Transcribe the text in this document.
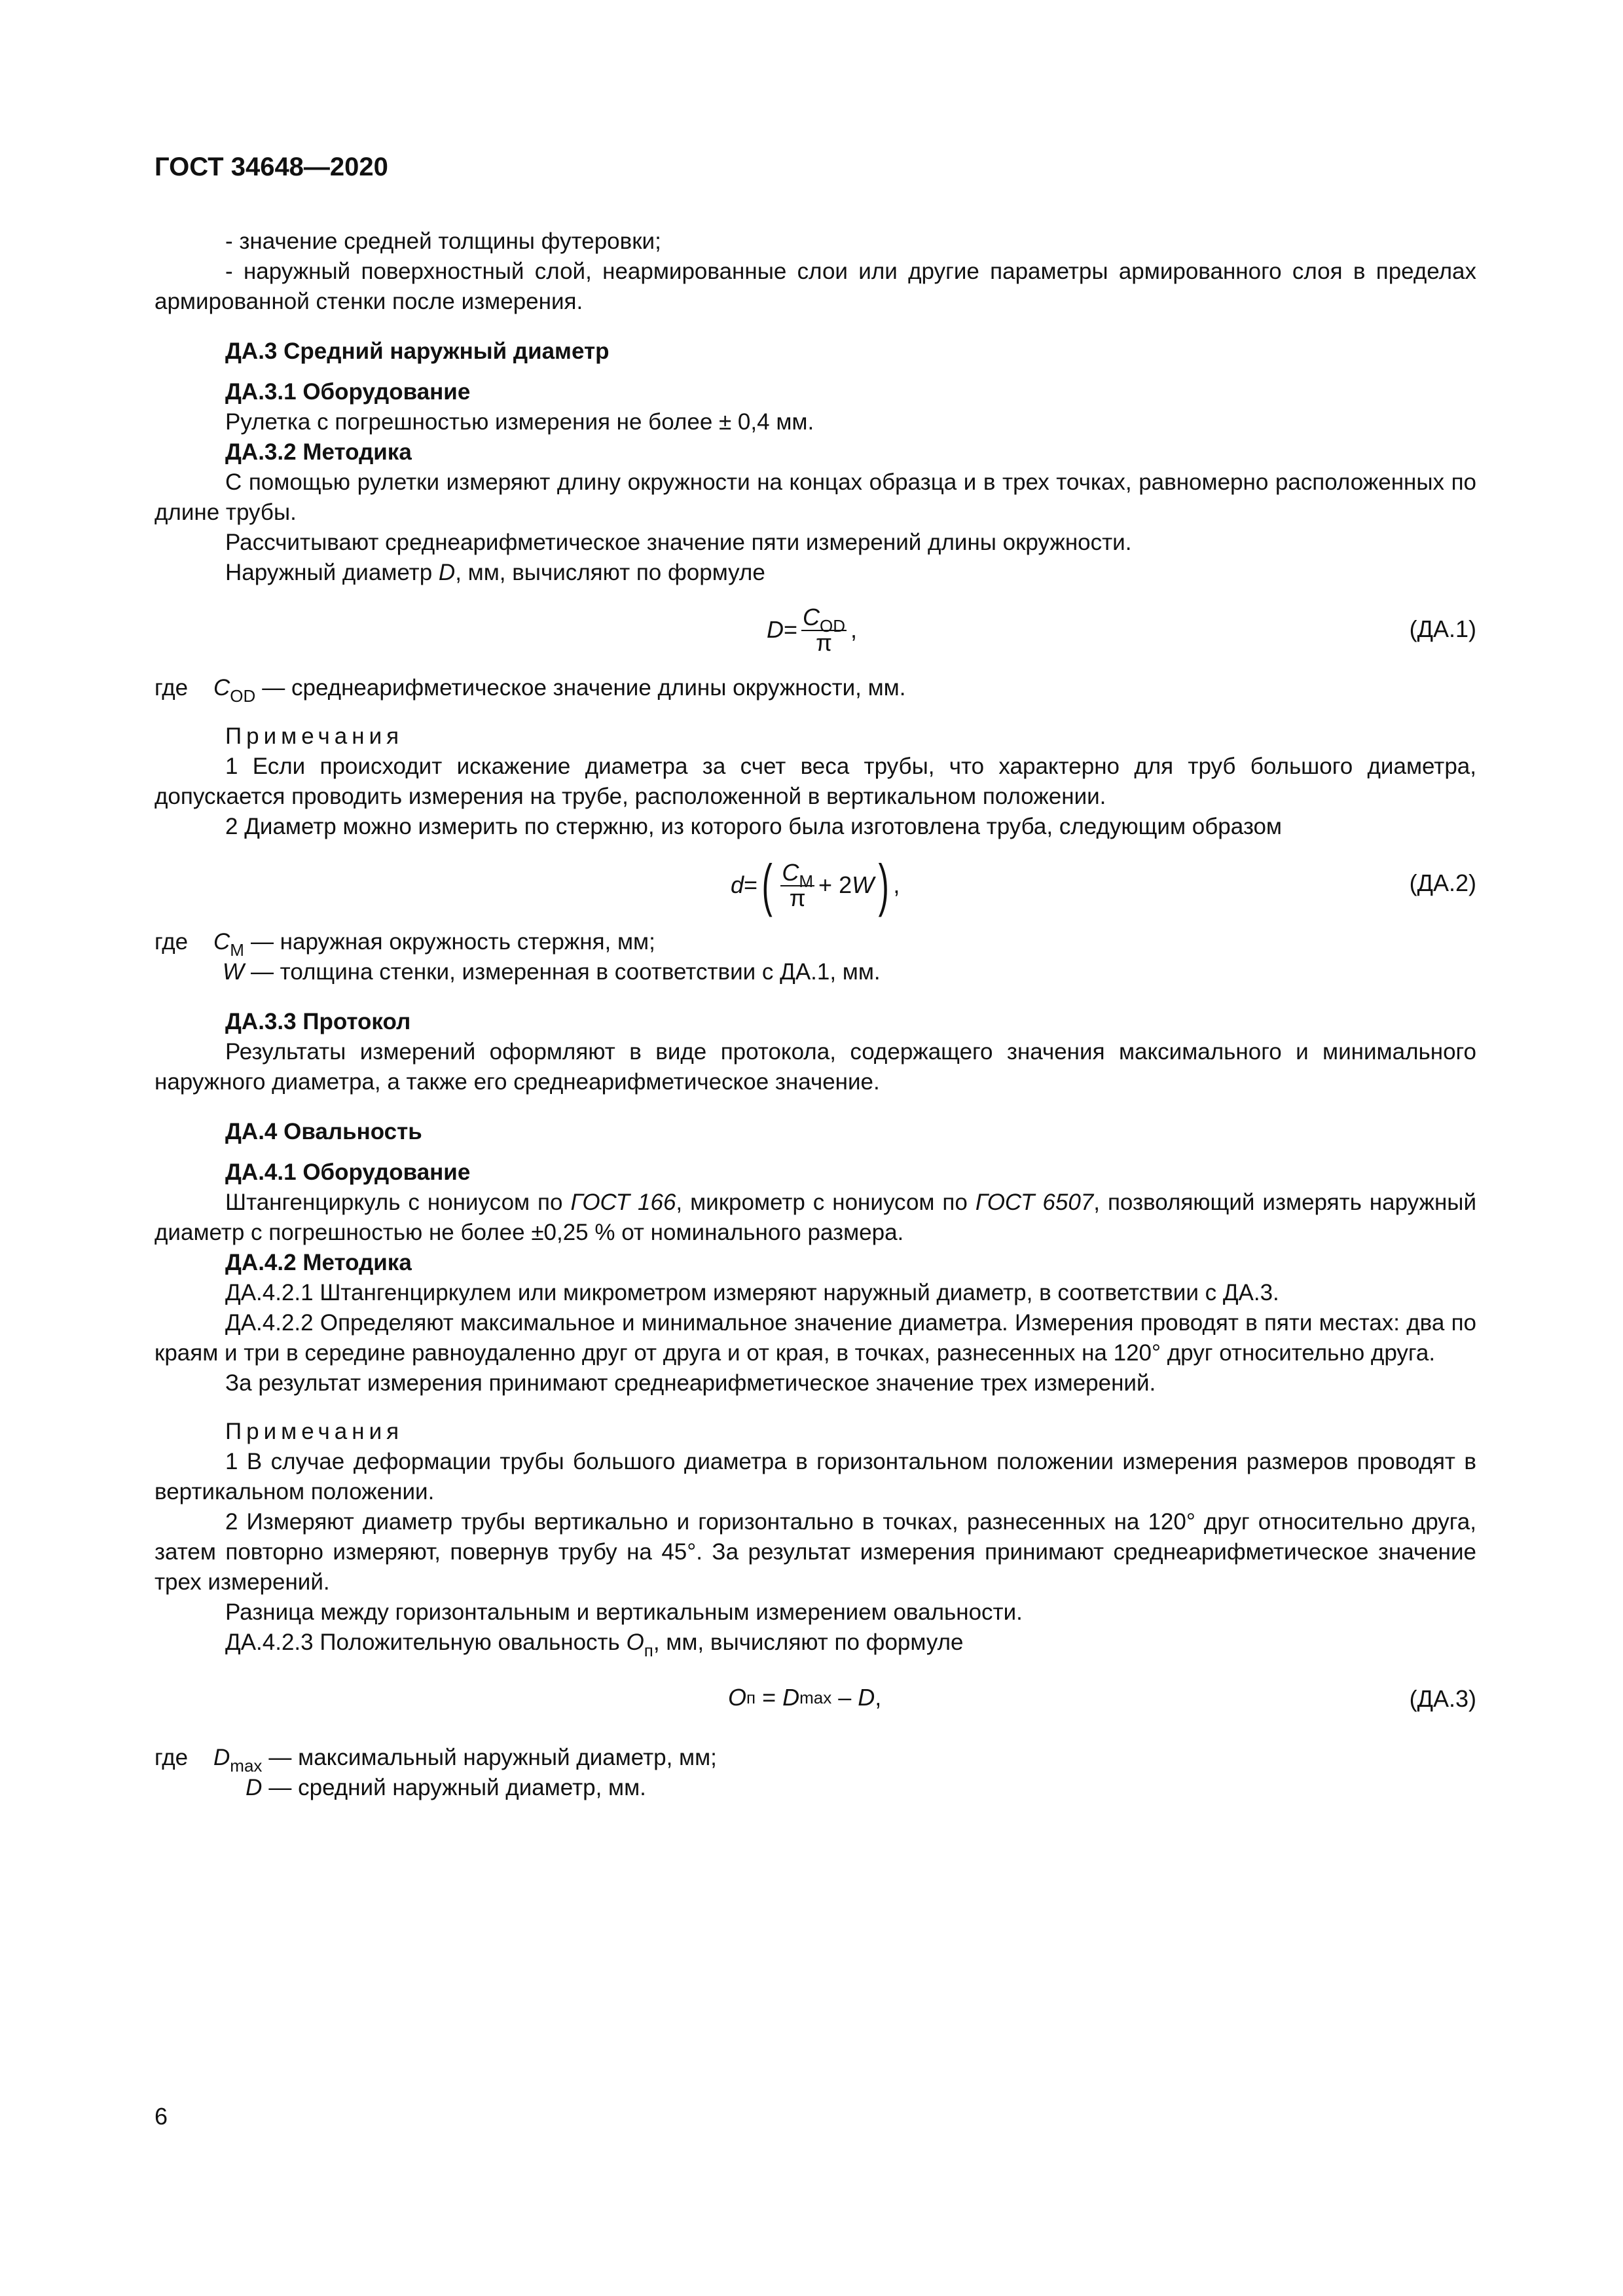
ГОСТ 34648—2020

- значение средней толщины футеровки;

- наружный поверхностный слой, неармированные слои или другие параметры армированного слоя в пределах армированной стенки после измерения.

ДА.3 Средний наружный диаметр

ДА.3.1 Оборудование

Рулетка с погрешностью измерения не более ± 0,4 мм.

ДА.3.2 Методика

С помощью рулетки измеряют длину окружности на концах образца и в трех точках, равномерно расположенных по длине трубы.

Рассчитывают среднеарифметическое значение пяти измерений длины окружности.

Наружный диаметр D, мм, вычисляют по формуле

$D = \frac{C_{OD}}{\pi}$ ,	(ДА.1)
где	$C_{OD}$ — среднеарифметическое значение длины окружности, мм.

Примечания

1 Если происходит искажение диаметра за счет веса трубы, что характерно для труб большого диаметра, допускается проводить измерения на трубе, расположенной в вертикальном положении.

2 Диаметр можно измерить по стержню, из которого была изготовлена труба, следующим образом

d = ( $\frac{C_M}{\pi} + 2$ W ) ,	(ДА.2)
где	$C_M$ — наружная окружность стержня, мм;
W — толщина стенки, измеренная в соответствии с ДА.1, мм.

ДА.3.3 Протокол

Результаты измерений оформляют в виде протокола, содержащего значения максимального и минимального наружного диаметра, а также его среднеарифметическое значение.

ДА.4 Овальность

ДА.4.1 Оборудование

Штангенциркуль с нониусом по ГОСТ 166, микрометр с нониусом по ГОСТ 6507, позволяющий измерять наружный диаметр с погрешностью не более ±0,25 % от номинального размера.

ДА.4.2 Методика

ДА.4.2.1 Штангенциркулем или микрометром измеряют наружный диаметр, в соответствии с ДА.3.

ДА.4.2.2 Определяют максимальное и минимальное значение диаметра. Измерения проводят в пяти местах: два по краям и три в середине равноудаленно друг от друга и от края, в точках, разнесенных на 120° друг относительно друга.

За результат измерения принимают среднеарифметическое значение трех измерений.

Примечания

1 В случае деформации трубы большого диаметра в горизонтальном положении измерения размеров проводят в вертикальном положении.

2 Измеряют диаметр трубы вертикально и горизонтально в точках, разнесенных на 120° друг относительно друга, затем повторно измеряют, повернув трубу на 45°. За результат измерения принимают среднеарифметическое значение трех измерений.

Разница между горизонтальным и вертикальным измерением овальности.

ДА.4.2.3 Положительную овальность $O_п$, мм, вычисляют по формуле

O п = D max – D ,	(ДА.3)
где	$D_{max}$ — максимальный наружный диаметр, мм;
D — средний наружный диаметр, мм.
6
